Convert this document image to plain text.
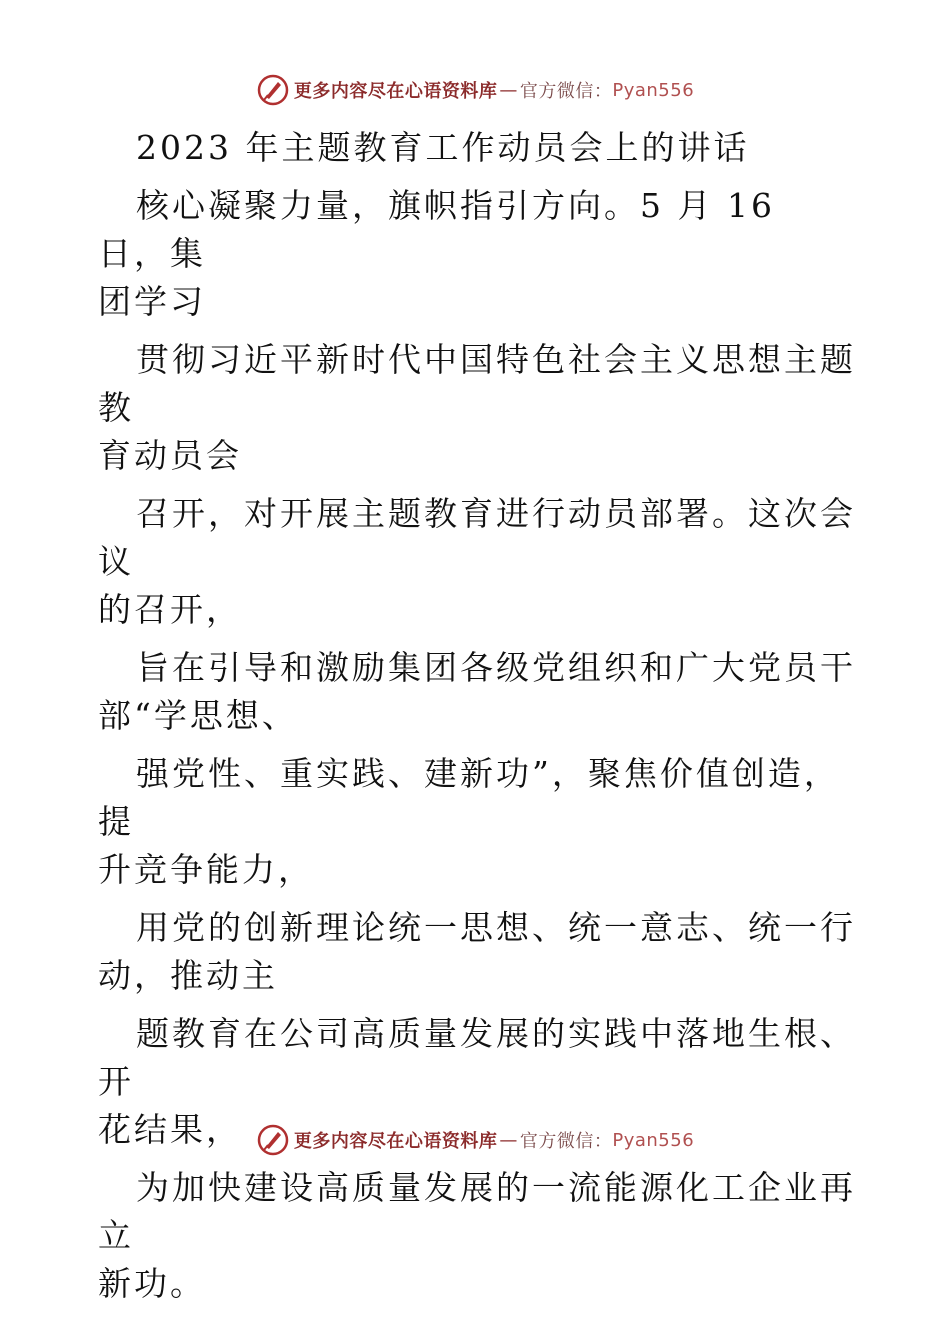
更多内容尽在心语资料库 — 官方微信： Pyan556

2023 年主题教育工作动员会上的讲话

核心凝聚力量，旗帜指引方向。5 月 16 日，集
团学习

贯彻习近平新时代中国特色社会主义思想主题教
育动员会

召开，对开展主题教育进行动员部署。这次会议
的召开，

旨在引导和激励集团各级党组织和广大党员干
部“学思想、

强党性、重实践、建新功”，聚焦价值创造，提
升竞争能力，

用党的创新理论统一思想、统一意志、统一行
动，推动主

题教育在公司高质量发展的实践中落地生根、开
花结果，

为加快建设高质量发展的一流能源化工企业再立
新功。

更多内容尽在心语资料库 — 官方微信： Pyan556
